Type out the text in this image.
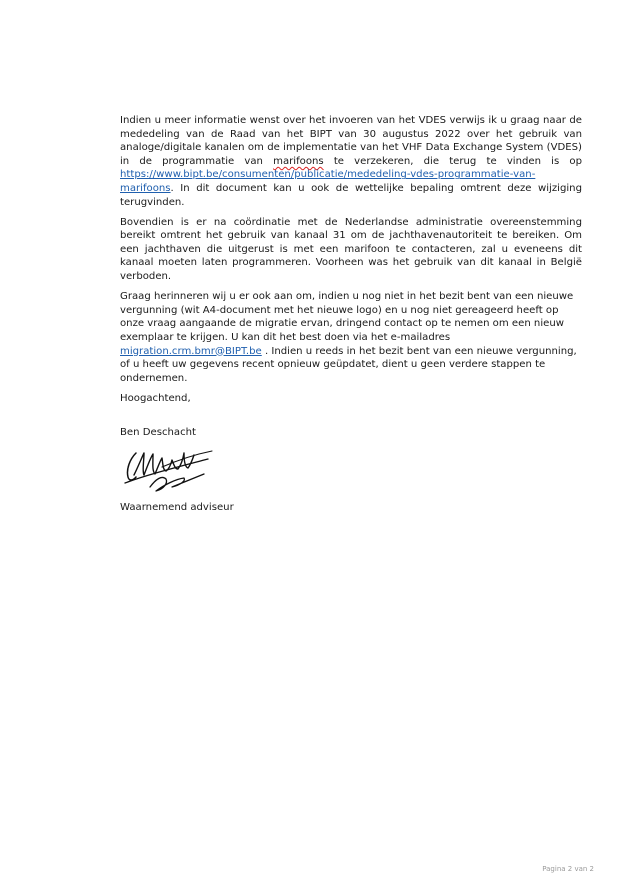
Indien u meer informatie wenst over het invoeren van het VDES verwijs ik u graag naar de mededeling van de Raad van het BIPT van 30 augustus 2022 over het gebruik van analoge/digitale kanalen om de implementatie van het VHF Data Exchange System (VDES) in de programmatie van marifoons te verzekeren, die terug te vinden is op https://www.bipt.be/consumenten/publicatie/mededeling-vdes-programmatie-van-marifoons. In dit document kan u ook de wettelijke bepaling omtrent deze wijziging terugvinden.

Bovendien is er na coördinatie met de Nederlandse administratie overeenstemming bereikt omtrent het gebruik van kanaal 31 om de jachthavenautoriteit te bereiken. Om een jachthaven die uitgerust is met een marifoon te contacteren, zal u eveneens dit kanaal moeten laten programmeren. Voorheen was het gebruik van dit kanaal in België verboden.

Graag herinneren wij u er ook aan om, indien u nog niet in het bezit bent van een nieuwe vergunning (wit A4-document met het nieuwe logo) en u nog niet gereageerd heeft op onze vraag aangaande de migratie ervan, dringend contact op te nemen om een nieuw exemplaar te krijgen. U kan dit het best doen via het e-mailadres migration.crm.bmr@BIPT.be . Indien u reeds in het bezit bent van een nieuwe vergunning, of u heeft uw gegevens recent opnieuw geüpdatet, dient u geen verdere stappen te ondernemen.

Hoogachtend,

Ben Deschacht

Waarnemend adviseur

Pagina 2 van 2
